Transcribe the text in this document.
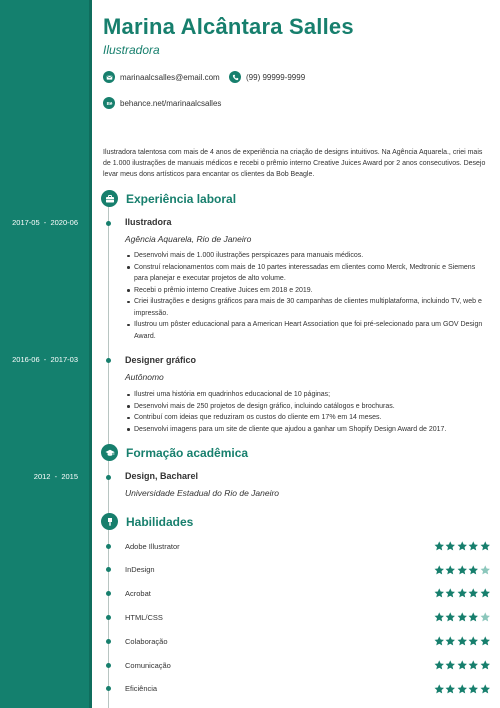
Marina Alcântara Salles
Ilustradora
marinaalcsalles@email.com	(99) 99999-9999
Bē behance.net/marinaalcsalles
Ilustradora talentosa com mais de 4 anos de experiência na criação de designs intuitivos. Na Agência Aquarela., criei mais de 1.000 ilustrações de manuais médicos e recebi o prêmio interno Creative Juices Award por 2 anos consecutivos. Desejo levar meus dons artísticos para encantar os clientes da Bob Beagle.
Experiência laboral
2017-05  -  2020-06	Ilustradora
Agência Aquarela, Rio de Janeiro
Desenvolvi mais de 1.000 ilustrações perspicazes para manuais médicos.
Construí relacionamentos com mais de 10 partes interessadas em clientes como Merck, Medtronic e Siemens para planejar e executar projetos de alto volume.
Recebi o prêmio interno Creative Juices em 2018 e 2019.
Criei ilustrações e designs gráficos para mais de 30 campanhas de clientes multiplataforma, incluindo TV, web e impressão.
Ilustrou um pôster educacional para a American Heart Association que foi pré-selecionado para um GOV Design Award.
2016-06  -  2017-03	Designer gráfico
Autônomo
Ilustrei uma história em quadrinhos educacional de 10 páginas;
Desenvolvi mais de 250 projetos de design gráfico, incluindo catálogos e brochuras.
Contribuí com ideias que reduziram os custos do cliente em 17% em 14 meses.
Desenvolvi imagens para um site de cliente que ajudou a ganhar um Shopify Design Award de 2017.
Formação acadêmica
2012  -  2015	Design, Bacharel
Universidade Estadual do Rio de Janeiro
Habilidades
Adobe Illustrator
InDesign
Acrobat
HTML/CSS
Colaboração
Comunicação
Eficiência
